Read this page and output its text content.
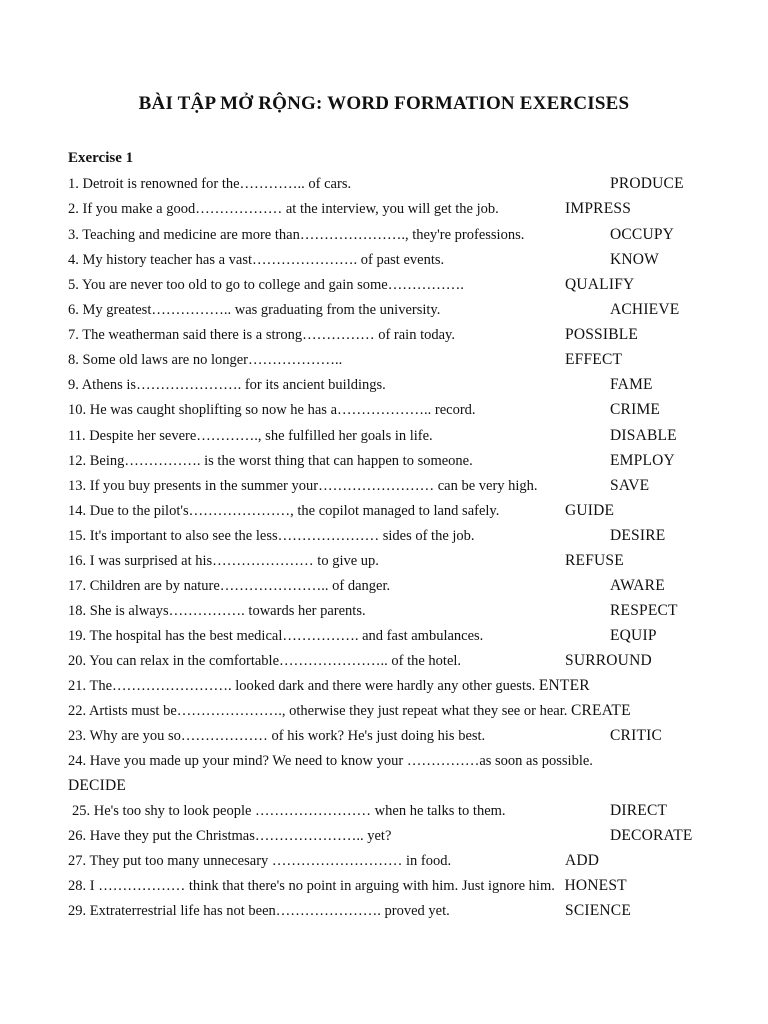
BÀI TẬP MỞ RỘNG: WORD FORMATION EXERCISES
Exercise 1
1. Detroit is renowned for the………….. of cars.	PRODUCE
2. If you make a good……………… at the interview, you will get the job.	IMPRESS
3. Teaching and medicine are more than…………………., they're professions.	OCCUPY
4. My history teacher has a vast…………………. of past events.	KNOW
5. You are never too old to go to college and gain some…………….	QUALIFY
6. My greatest…………….. was graduating from the university.	ACHIEVE
7. The weatherman said there is a strong…………… of rain today.	POSSIBLE
8. Some old laws are no longer………………..	EFFECT
9. Athens is…………………. for its ancient buildings.	FAME
10. He was caught shoplifting so now he has a……………….. record.	CRIME
11. Despite her severe…………., she fulfilled her goals in life.	DISABLE
12. Being……………. is the worst thing that can happen to someone.	EMPLOY
13. If you buy presents in the summer your…………………… can be very high.	SAVE
14. Due to the pilot's…………………, the copilot managed to land safely.	GUIDE
15. It's important to also see the less………………… sides of the job.	DESIRE
16. I was surprised at his………………… to give up.	REFUSE
17. Children are by nature………………….. of danger.	AWARE
18. She is always……………. towards her parents.	RESPECT
19. The hospital has the best medical……………. and fast ambulances.	EQUIP
20. You can relax in the comfortable………………….. of the hotel.	SURROUND
21. The……………………. looked dark and there were hardly any other guests. ENTER
22. Artists must be…………………., otherwise they just repeat what they see or hear. CREATE
23. Why are you so……………… of his work? He's just doing his best.	CRITIC
24. Have you made up your mind? We need to know your ……………as soon as possible.
DECIDE
25. He's too shy to look people …………………… when he talks to them.	DIRECT
26. Have they put the Christmas………………….. yet?	DECORATE
27. They put too many unnecesary ……………………… in food.	ADD
28. I ……………… think that there's no point in arguing with him. Just ignore him. HONEST
29. Extraterrestrial life has not been…………………. proved yet.	SCIENCE
